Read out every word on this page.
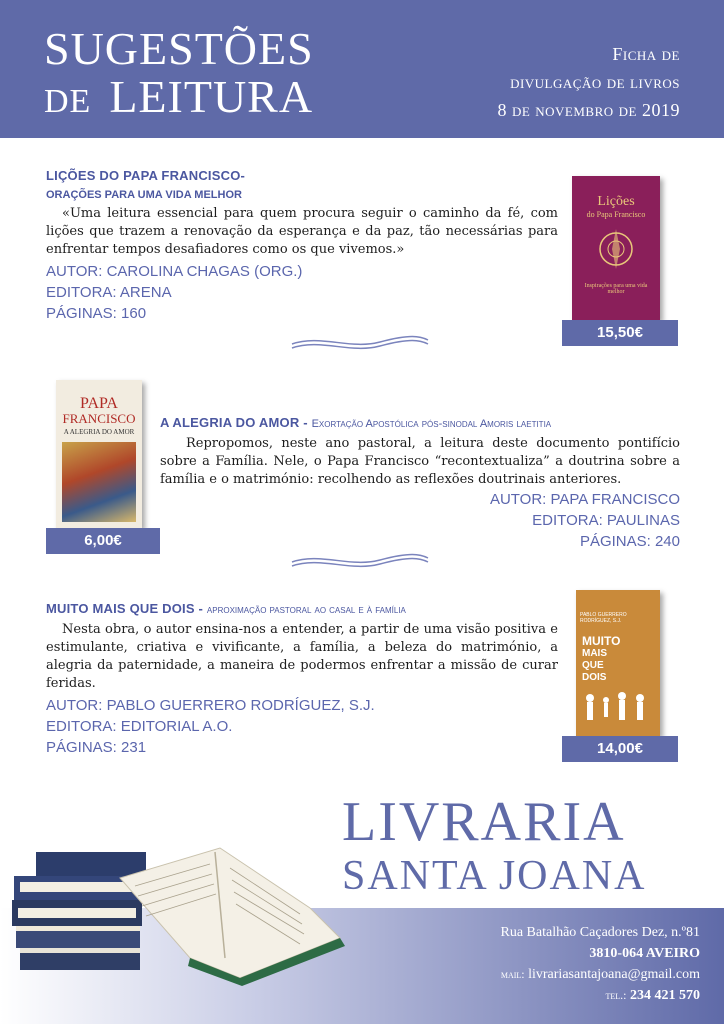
SUGESTÕES
DE LEITURA
Ficha de
divulgação de livros
8 de novembro de 2019
LIÇÕES DO PAPA FRANCISCO-
ORAÇÕES PARA UMA VIDA MELHOR
«Uma leitura essencial para quem procura seguir o caminho da fé, com lições que trazem a renovação da esperança e da paz, tão necessárias para enfrentar tempos desafiadores como os que vivemos.»
AUTOR: CAROLINA CHAGAS (ORG.)
EDITORA: ARENA
PÁGINAS: 160
Lições
do Papa Francisco
Inspirações para uma vida melhor
15,50€
PAPA
FRANCISCO
A ALEGRIA DO AMOR
6,00€
A ALEGRIA DO AMOR - Exortação Apostólica pós-sinodal Amoris laetitia
Repropomos, neste ano pastoral, a leitura deste documento pontifício sobre a Família. Nele, o Papa Francisco “recontextualiza” a doutrina sobre a família e o matrimónio: recolhendo as reflexões doutrinais anteriores.
AUTOR: PAPA FRANCISCO
EDITORA: PAULINAS
PÁGINAS: 240
MUITO MAIS QUE DOIS - aproximação pastoral ao casal e à família
Nesta obra, o autor ensina-nos a entender, a partir de uma visão positiva e estimulante, criativa e vivificante, a família, a beleza do matrimónio, a alegria da paternidade, a maneira de podermos enfrentar a missão de curar feridas.
AUTOR: PABLO GUERRERO RODRÍGUEZ, S.J.
EDITORA: EDITORIAL A.O.
PÁGINAS: 231
PABLO GUERRERO RODRÍGUEZ, S.J.
MUITO
MAIS QUE DOIS
14,00€
LIVRARIA
SANTA JOANA
Rua Batalhão Caçadores Dez, n.º81
3810-064 AVEIRO
mail: livrariasantajoana@gmail.com
tel.: 234 421 570
